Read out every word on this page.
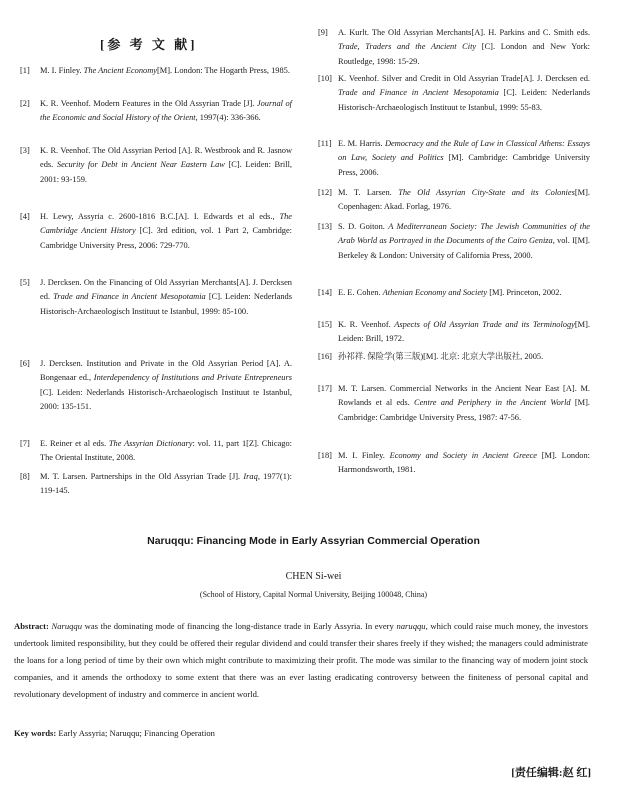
[参 考 文 献]
[1] M. I. Finley. The Ancient Economy[M]. London: The Hogarth Press, 1985.
[2] K. R. Veenhof. Modern Features in the Old Assyrian Trade [J]. Journal of the Economic and Social History of the Orient, 1997(4): 336-366.
[3] K. R. Veenhof. The Old Assyrian Period [A]. R. Westbrook and R. Jasnow eds. Security for Debt in Ancient Near Eastern Law [C]. Leiden: Brill, 2001: 93-159.
[4] H. Lewy, Assyria c. 2600-1816 B.C.[A]. I. Edwards et al eds., The Cambridge Ancient History [C]. 3rd edition, vol. 1 Part 2, Cambridge: Cambridge University Press, 2006: 729-770.
[5] J. Dercksen. On the Financing of Old Assyrian Merchants[A]. J. Dercksen ed. Trade and Finance in Ancient Mesopotamia [C]. Leiden: Nederlands Historisch-Archaeologisch Instituut te Istanbul, 1999: 85-100.
[6] J. Dercksen. Institution and Private in the Old Assyrian Period [A]. A. Bongenaar ed., Interdependency of Institutions and Private Entrepreneurs [C]. Leiden: Nederlands Historisch-Archaeologisch Instituut te Istanbul, 2000: 135-151.
[7] E. Reiner et al eds. The Assyrian Dictionary: vol. 11, part 1[Z]. Chicago: The Oriental Institute, 2008.
[8] M. T. Larsen. Partnerships in the Old Assyrian Trade [J]. Iraq, 1977(1): 119-145.
[9] A. Kurlt. The Old Assyrian Merchants[A]. H. Parkins and C. Smith eds. Trade, Traders and the Ancient City [C]. London and New York: Routledge, 1998: 15-29.
[10] K. Veenhof. Silver and Credit in Old Assyrian Trade[A]. J. Dercksen ed. Trade and Finance in Ancient Mesopotamia [C]. Leiden: Nederlands Historisch-Archaeologisch Instituut te Istanbul, 1999: 55-83.
[11] E. M. Harris. Democracy and the Rule of Law in Classical Athens: Essays on Law, Society and Politics [M]. Cambridge: Cambridge University Press, 2006.
[12] M. T. Larsen. The Old Assyrian City-State and its Colonies[M]. Copenhagen: Akad. Forlag, 1976.
[13] S. D. Goiton. A Mediterranean Society: The Jewish Communities of the Arab World as Portrayed in the Documents of the Cairo Geniza, vol. I[M]. Berkeley & London: University of California Press, 2000.
[14] E. E. Cohen. Athenian Economy and Society [M]. Princeton, 2002.
[15] K. R. Veenhof. Aspects of Old Assyrian Trade and its Terminology[M]. Leiden: Brill, 1972.
[16] 孙祁祥. 保险学(第三版)[M]. 北京: 北京大学出版社, 2005.
[17] M. T. Larsen. Commercial Networks in the Ancient Near East [A]. M. Rowlands et al eds. Centre and Periphery in the Ancient World [M]. Cambridge: Cambridge University Press, 1987: 47-56.
[18] M. I. Finley. Economy and Society in Ancient Greece [M]. London: Harmondsworth, 1981.
Naruqqu: Financing Mode in Early Assyrian Commercial Operation
CHEN Si-wei
(School of History, Capital Normal University, Beijing 100048, China)
Abstract: Naruqqu was the dominating mode of financing the long-distance trade in Early Assyria. In every naruqqu, which could raise much money, the investors undertook limited responsibility, but they could be offered their regular dividend and could transfer their shares freely if they wished; the managers could administrate the loans for a long period of time by their own which might contribute to maximizing their profit. The mode was similar to the financing way of modern joint stock companies, and it amends the orthodoxy to some extent that there was an ever lasting eradicating controversy between the finiteness of personal capital and revolutionary development of industry and commerce in ancient world.
Key words: Early Assyria; Naruqqu; Financing Operation
[责任编辑:赵 红]
